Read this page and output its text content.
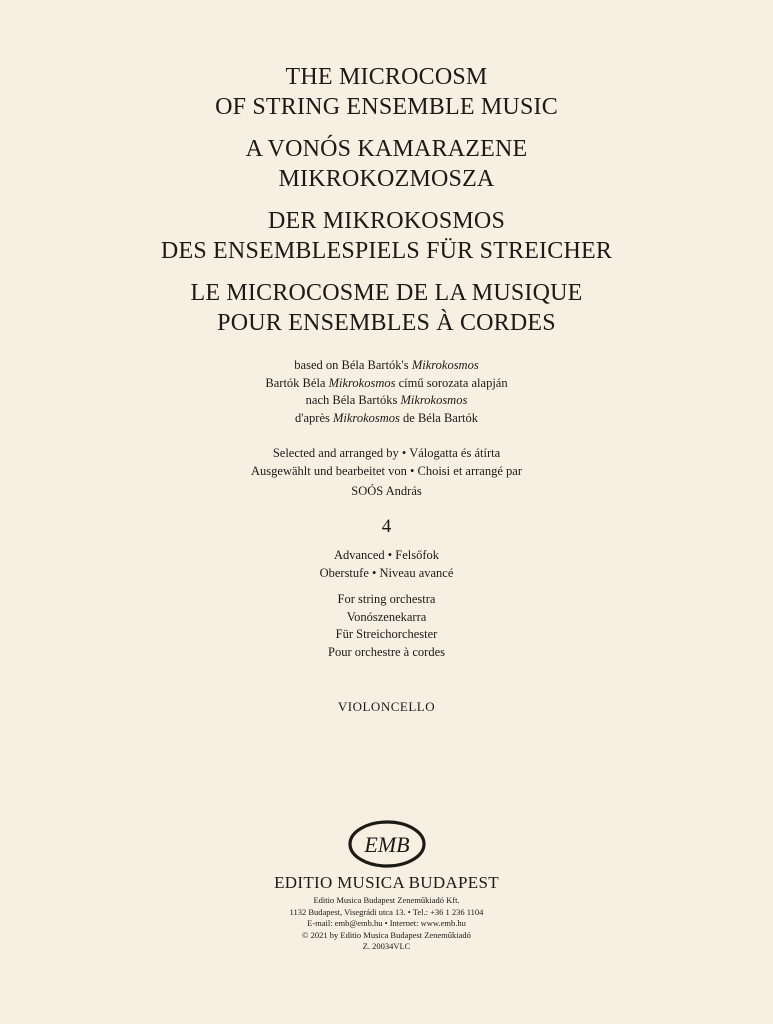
THE MICROCOSM
OF STRING ENSEMBLE MUSIC
A VONÓS KAMARAZENE
MIKROKOZMOSZA
DER MIKROKOSMOS
DES ENSEMBLESPIELS FÜR STREICHER
LE MICROCOSME DE LA MUSIQUE
POUR ENSEMBLES À CORDES
based on Béla Bartók's Mikrokosmos
Bartók Béla Mikrokosmos című sorozata alapján
nach Béla Bartóks Mikrokosmos
d'après Mikrokosmos de Béla Bartók
Selected and arranged by • Válogatta és átírta
Ausgewählt und bearbeitet von • Choisi et arrangé par
SOÓS András
4
Advanced • Felsőfok
Oberstufe • Niveau avancé
For string orchestra
Vonószenekarra
Für Streichorchester
Pour orchestre à cordes
VIOLONCELLO
EMB
EDITIO MUSICA BUDAPEST
Editio Musica Budapest Zeneműkiadó Kft.
1132 Budapest, Visegrádi utca 13. • Tel.: +36 1 236 1104
E-mail: emb@emb.hu • Internet: www.emb.hu
© 2021 by Editio Musica Budapest Zeneműkiadó
Z. 20034VLC
